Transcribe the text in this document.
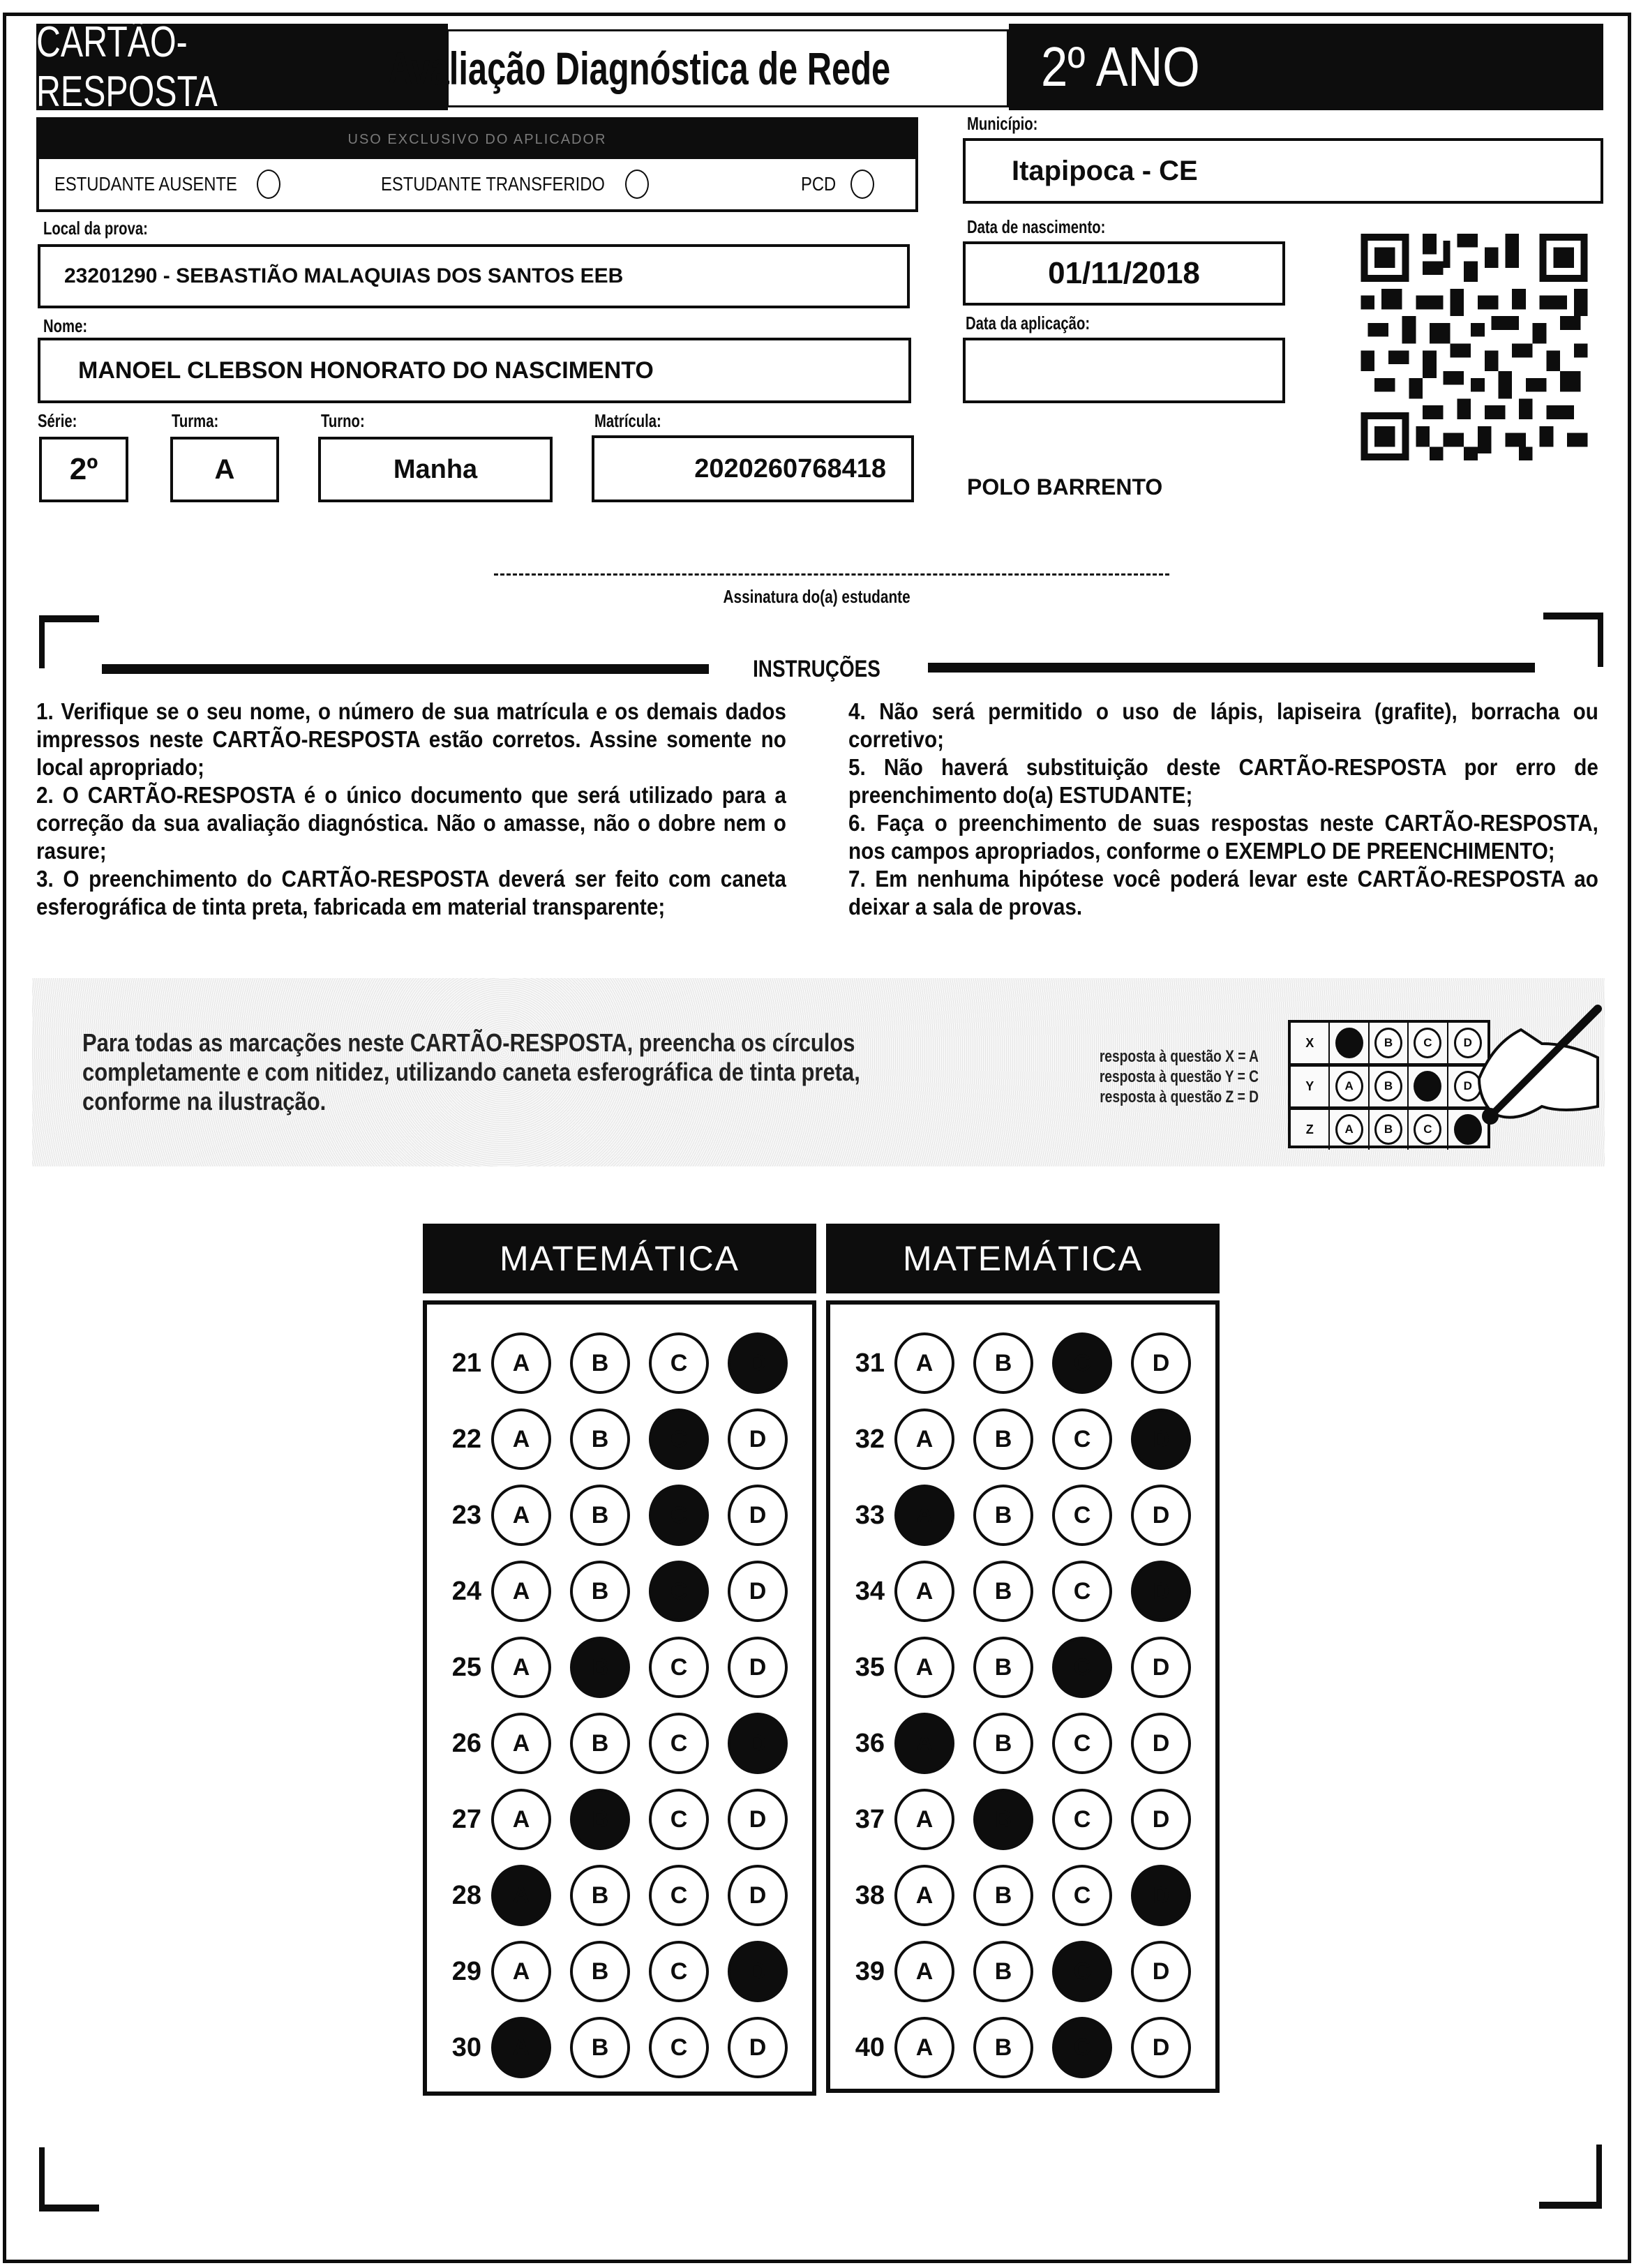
CARTÃO-RESPOSTA	Avaliação Diagnóstica de Rede	2º ANO
USO EXCLUSIVO DO APLICADOR
ESTUDANTE AUSENTE	ESTUDANTE TRANSFERIDO	PCD
Local da prova:
23201290 - SEBASTIÃO MALAQUIAS DOS SANTOS EEB
Nome:
MANOEL CLEBSON HONORATO DO NASCIMENTO
Série:
2º
Turma:
A
Turno:
Manha
Matrícula:
2020260768418
Município:
Itapipoca - CE
Data de nascimento:
01/11/2018
Data da aplicação:
POLO BARRENTO
Assinatura do(a) estudante
INSTRUÇÕES

1. Verifique se o seu nome, o número de sua matrícula e os demais dados impressos neste CARTÃO-RESPOSTA estão corretos. Assine somente no local apropriado;

2. O CARTÃO-RESPOSTA é o único documento que será utilizado para a correção da sua avaliação diagnóstica. Não o amasse, não o dobre nem o rasure;

3. O preenchimento do CARTÃO-RESPOSTA deverá ser feito com caneta esferográfica de tinta preta, fabricada em material transparente;

4. Não será permitido o uso de lápis, lapiseira (grafite), borracha ou corretivo;

5. Não haverá substituição deste CARTÃO-RESPOSTA por erro de preenchimento do(a) ESTUDANTE;

6. Faça o preenchimento de suas respostas neste CARTÃO-RESPOSTA, nos campos apropriados, conforme o EXEMPLO DE PREENCHIMENTO;

7. Em nenhuma hipótese você poderá levar este CARTÃO-RESPOSTA ao deixar a sala de provas.

Para todas as marcações neste CARTÃO-RESPOSTA, preencha os círculos completamente e com nitidez, utilizando caneta esferográfica de tinta preta, conforme na ilustração.
resposta à questão X = A
resposta à questão Y = C
resposta à questão Z = D
X	B	C	D
Y	A	B	D
Z	A	B	C
MATEMÁTICA	MATEMÁTICA
21	A	B	C	D
22	A	B	C	D
23	A	B	C	D
24	A	B	C	D
25	A	B	C	D
26	A	B	C	D
27	A	B	C	D
28	A	B	C	D
29	A	B	C	D
30	A	B	C	D
31	A	B	C	D
32	A	B	C	D
33	A	B	C	D
34	A	B	C	D
35	A	B	C	D
36	A	B	C	D
37	A	B	C	D
38	A	B	C	D
39	A	B	C	D
40	A	B	C	D
